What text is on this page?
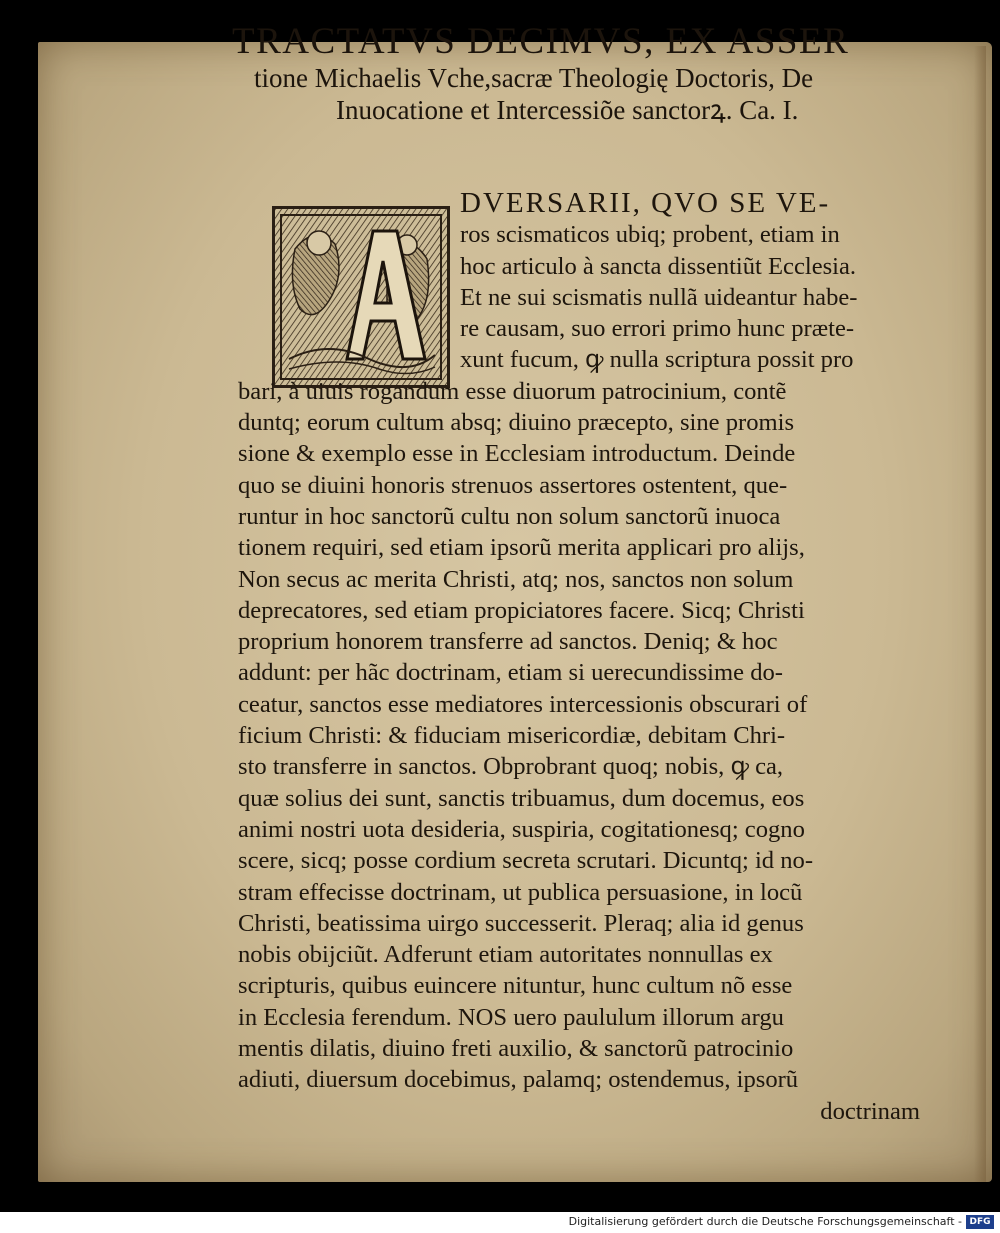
TRACTATVS DECIMVS, EX ASSER
tione Michaelis Vche,sacræ Theologię Doctoris, De
Inuocatione et Intercessiõe sanctorꝝ. Ca. I.
DVERSARII, QVO SE VE-
ros scismaticos ubiq; probent, etiam in
hoc articulo à sancta dissentiũt Ecclesia.
Et ne sui scismatis nullã uideantur habe-
re causam, suo errori primo hunc præte-
xunt fucum, ꝙ nulla scriptura possit pro
bari, à uiuis rogandum esse diuorum patrocinium, contẽ
duntq; eorum cultum absq; diuino præcepto, sine promis
sione & exemplo esse in Ecclesiam introductum. Deinde
quo se diuini honoris strenuos assertores ostentent, que-
runtur in hoc sanctorũ cultu non solum sanctorũ inuoca
tionem requiri, sed etiam ipsorũ merita applicari pro alijs,
Non secus ac merita Christi, atq; nos, sanctos non solum
deprecatores, sed etiam propiciatores facere. Sicq; Christi
proprium honorem transferre ad sanctos. Deniq; & hoc
addunt: per hãc doctrinam, etiam si uerecundissime do-
ceatur, sanctos esse mediatores intercessionis obscurari of
ficium Christi: & fiduciam misericordiæ, debitam Chri-
sto transferre in sanctos. Obprobrant quoq; nobis, ꝙ ca,
quæ solius dei sunt, sanctis tribuamus, dum docemus, eos
animi nostri uota desideria, suspiria, cogitationesq; cogno
scere, sicq; posse cordium secreta scrutari. Dicuntq; id no-
stram effecisse doctrinam, ut publica persuasione, in locũ
Christi, beatissima uirgo successerit. Pleraq; alia id genus
nobis obijciũt. Adferunt etiam autoritates nonnullas ex
scripturis, quibus euincere nituntur, hunc cultum nõ esse
in Ecclesia ferendum. NOS uero paululum illorum argu
mentis dilatis, diuino freti auxilio, & sanctorũ patrocinio
adiuti, diuersum docebimus, palamq; ostendemus, ipsorũ
doctrinam
Digitalisierung gefördert durch die Deutsche Forschungsgemeinschaft - DFG
